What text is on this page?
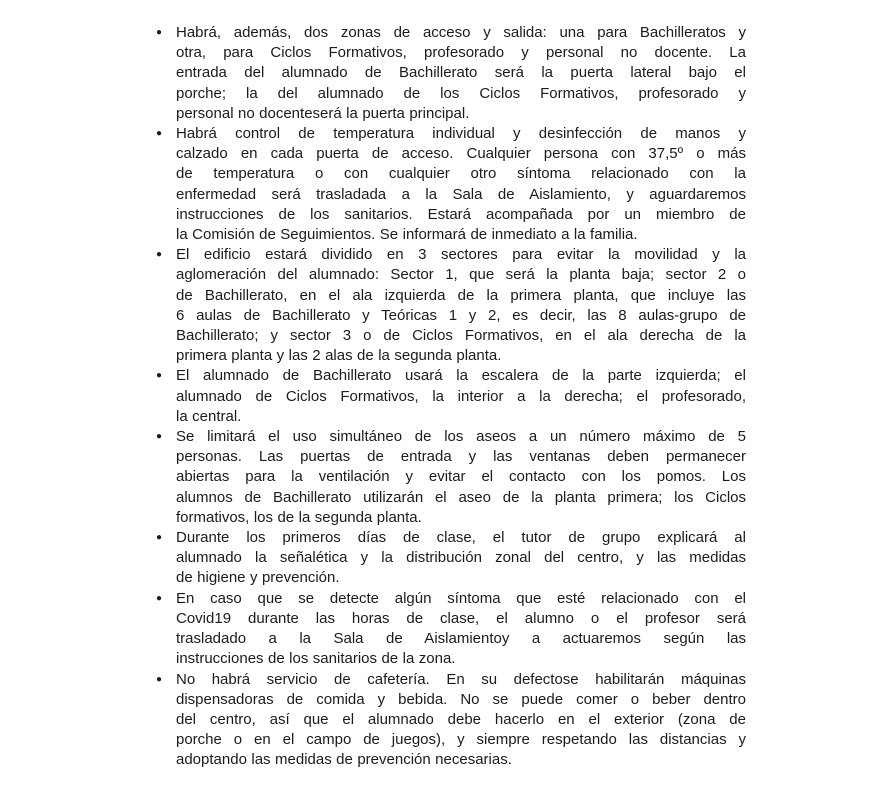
● Habrá, además, dos zonas de acceso y salida: una para Bachilleratos y
otra, para Ciclos Formativos, profesorado y personal no docente. La
entrada del alumnado de Bachillerato será la puerta lateral bajo el
porche; la del alumnado de los Ciclos Formativos, profesorado y
personal no docenteserá la puerta principal.
● Habrá control de temperatura individual y desinfección de manos y
calzado en cada puerta de acceso. Cualquier persona con 37,5º o más
de temperatura o con cualquier otro síntoma relacionado con la
enfermedad será trasladada a la Sala de Aislamiento, y aguardaremos
instrucciones de los sanitarios. Estará acompañada por un miembro de
la Comisión de Seguimientos. Se informará de inmediato a la familia.
● El edificio estará dividido en 3 sectores para evitar la movilidad y la
aglomeración del alumnado: Sector 1, que será la planta baja; sector 2 o
de Bachillerato, en el ala izquierda de la primera planta, que incluye las
6 aulas de Bachillerato y Teóricas 1 y 2, es decir, las 8 aulas-grupo de
Bachillerato; y sector 3 o de Ciclos Formativos, en el ala derecha de la
primera planta y las 2 alas de la segunda planta.
● El alumnado de Bachillerato usará la escalera de la parte izquierda; el
alumnado de Ciclos Formativos, la interior a la derecha; el profesorado,
la central.
● Se limitará el uso simultáneo de los aseos a un número máximo de 5
personas. Las puertas de entrada y las ventanas deben permanecer
abiertas para la ventilación y evitar el contacto con los pomos. Los
alumnos de Bachillerato utilizarán el aseo de la planta primera; los Ciclos
formativos, los de la segunda planta.
● Durante los primeros días de clase, el tutor de grupo explicará al
alumnado la señalética y la distribución zonal del centro, y las medidas
de higiene y prevención.
● En caso que se detecte algún síntoma que esté relacionado con el
Covid19 durante las horas de clase, el alumno o el profesor será
trasladado a la Sala de Aislamientoy a actuaremos según las
instrucciones de los sanitarios de la zona.
● No habrá servicio de cafetería. En su defectose habilitarán máquinas
dispensadoras de comida y bebida. No se puede comer o beber dentro
del centro, así que el alumnado debe hacerlo en el exterior (zona de
porche o en el campo de juegos), y siempre respetando las distancias y
adoptando las medidas de prevención necesarias.
